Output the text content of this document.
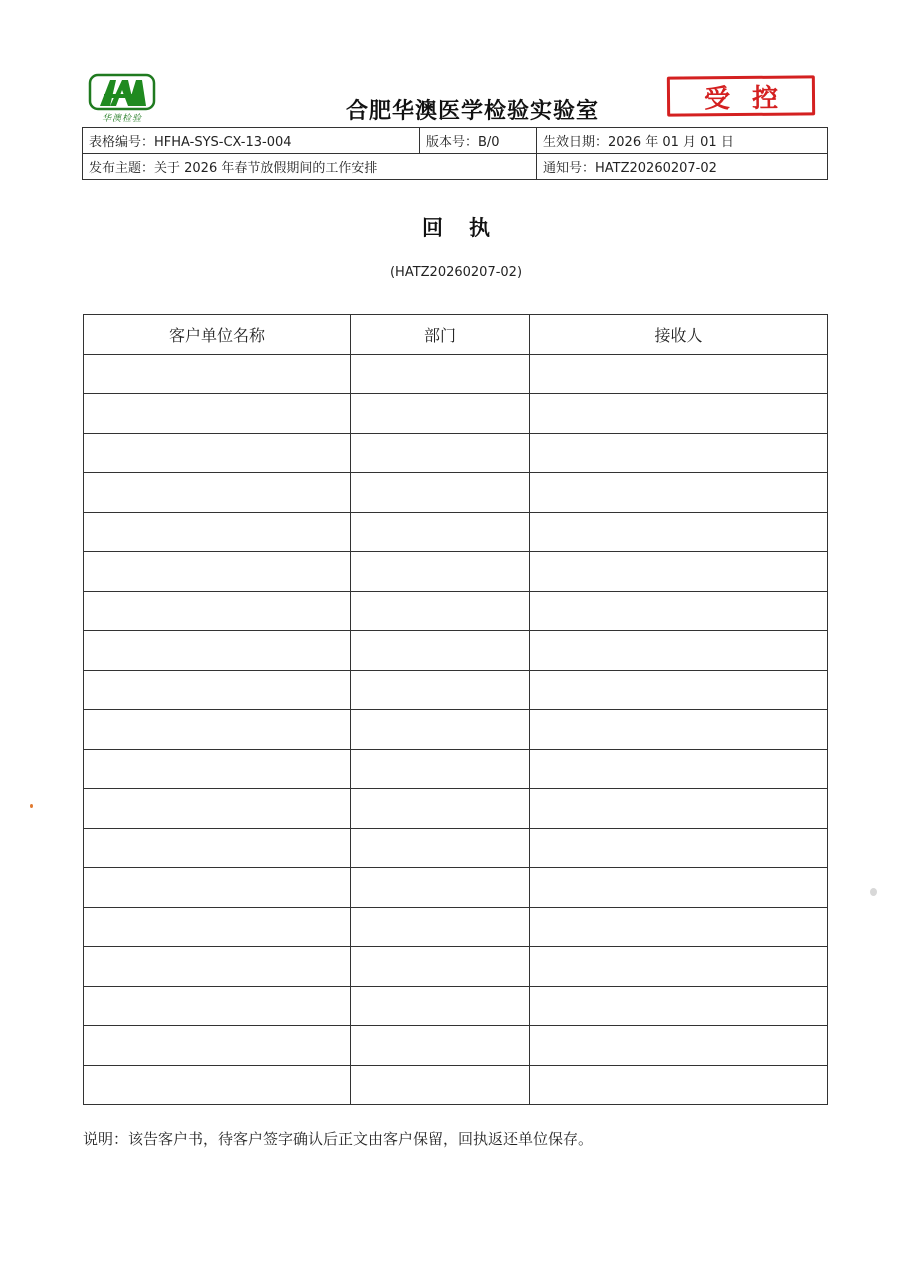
华澳检验	合肥华澳医学检验实验室	受控
表格编号：HFHA-SYS-CX-13-004	版本号：B/0	生效日期：2026 年 01 月 01 日
发布主题：关于 2026 年春节放假期间的工作安排		通知号：HATZ20260207-02
回执
(HATZ20260207-02)
客户单位名称	部门	接收人

说明：该告客户书，待客户签字确认后正文由客户保留，回执返还单位保存。
